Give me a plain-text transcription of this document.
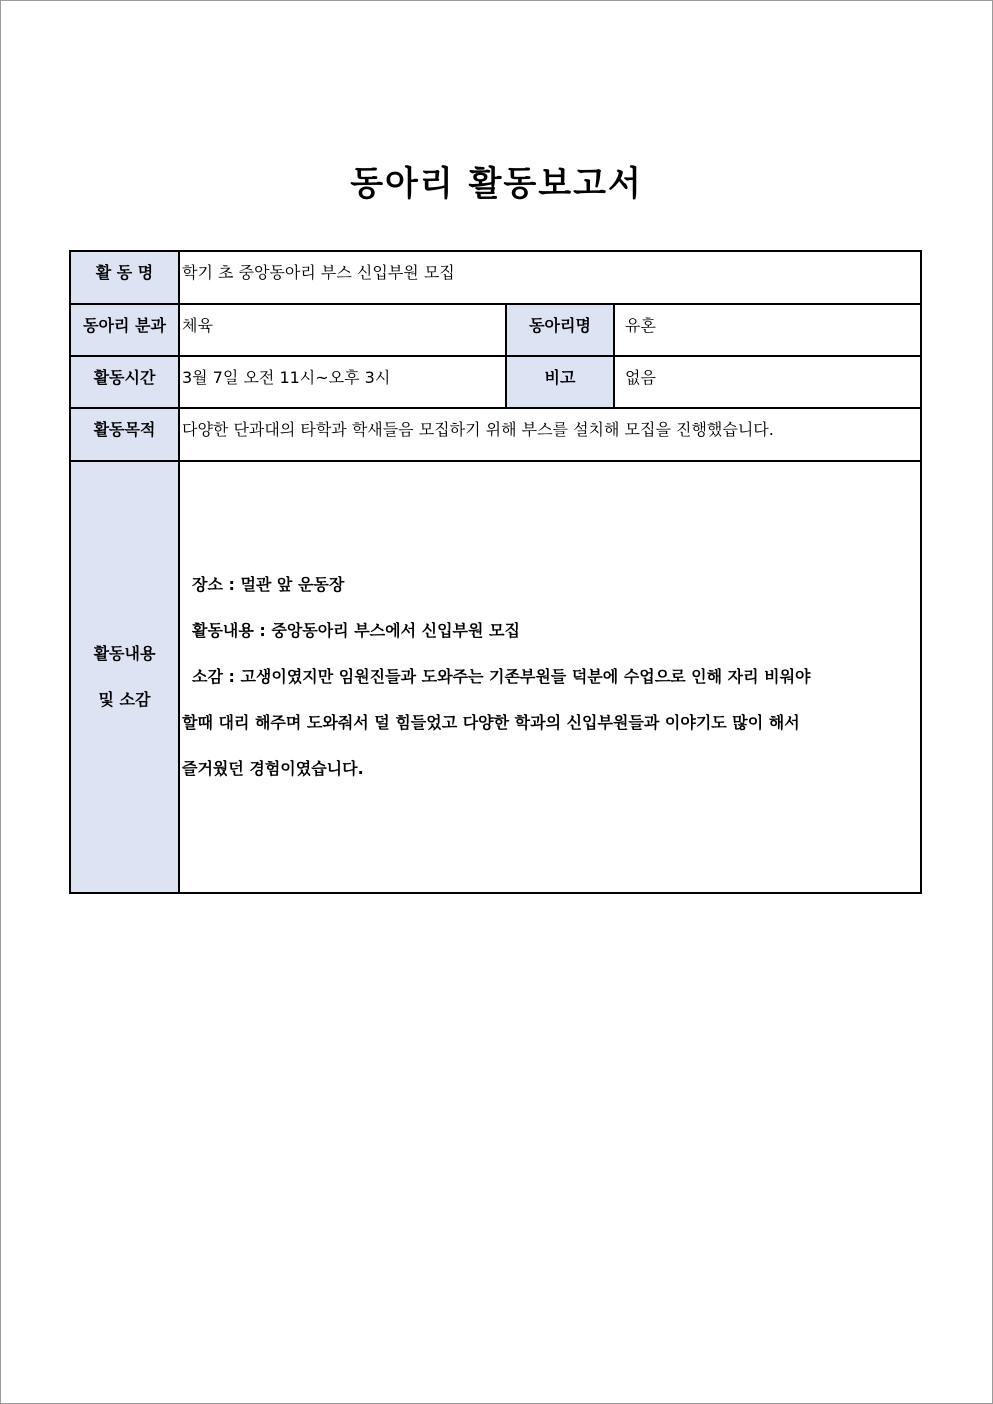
동아리 활동보고서
활 동 명	학기 초 중앙동아리 부스 신입부원 모집		
동아리 분과	체육	동아리명	유혼
활동시간	3월 7일 오전 11시~오후 3시	비고	없음
활동목적	다양한 단과대의 타학과 학새들음 모집하기 위해 부스를 설치해 모집을 진행했습니다.		

활동내용
및 소감	장소 : 멀관 앞 운동장
활동내용 : 중앙동아리 부스에서 신입부원 모집
소감 : 고생이였지만 임원진들과 도와주는 기존부원들 덕분에 수업으로 인해 자리 비워야
할때 대리 해주며 도와줘서 덜 힘들었고 다양한 학과의 신입부원들과 이야기도 많이 해서
즐거웠던 경험이였습니다.		
